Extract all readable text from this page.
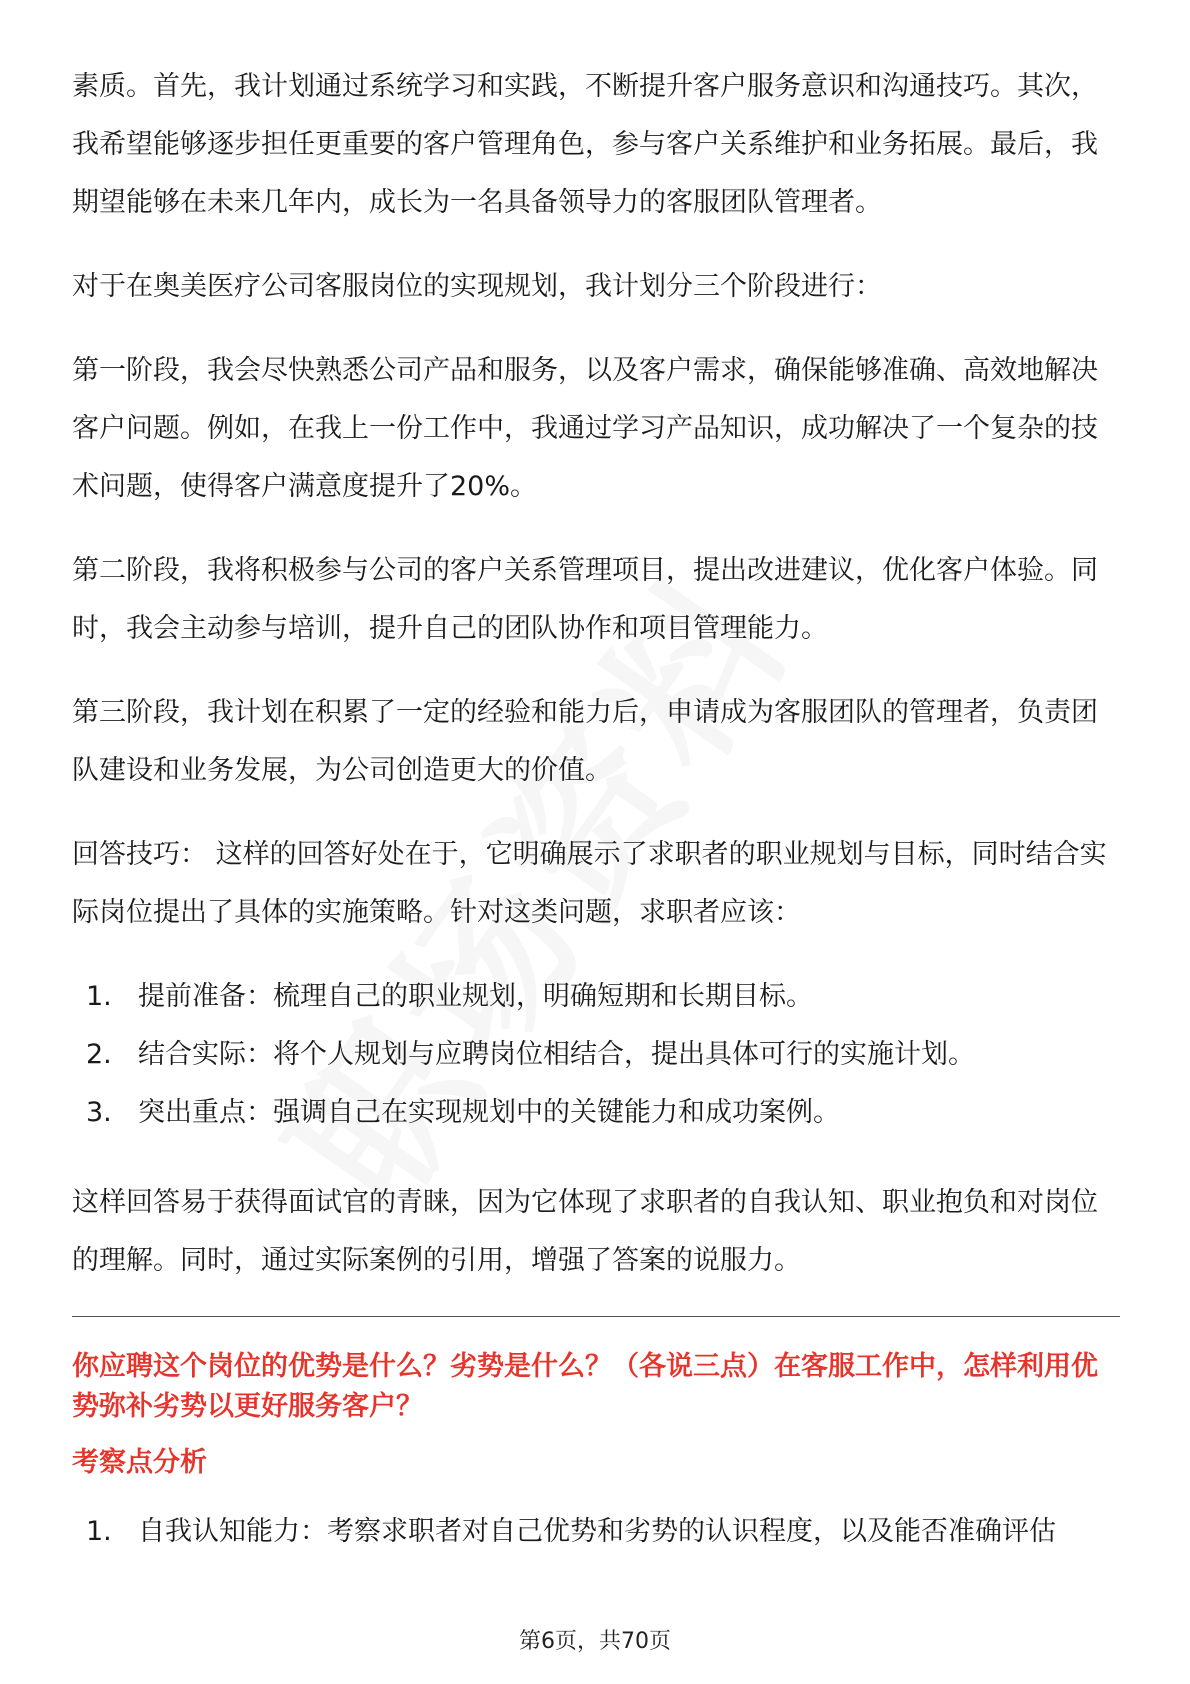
素质。首先，我计划通过系统学习和实践，不断提升客户服务意识和沟通技巧。其次，我希望能够逐步担任更重要的客户管理角色，参与客户关系维护和业务拓展。最后，我期望能够在未来几年内，成长为一名具备领导力的客服团队管理者。

对于在奥美医疗公司客服岗位的实现规划，我计划分三个阶段进行：

第一阶段，我会尽快熟悉公司产品和服务，以及客户需求，确保能够准确、高效地解决客户问题。例如，在我上一份工作中，我通过学习产品知识，成功解决了一个复杂的技术问题，使得客户满意度提升了20%。

第二阶段，我将积极参与公司的客户关系管理项目，提出改进建议，优化客户体验。同时，我会主动参与培训，提升自己的团队协作和项目管理能力。

第三阶段，我计划在积累了一定的经验和能力后，申请成为客服团队的管理者，负责团队建设和业务发展，为公司创造更大的价值。

回答技巧： 这样的回答好处在于，它明确展示了求职者的职业规划与目标，同时结合实际岗位提出了具体的实施策略。针对这类问题，求职者应该：

1. 提前准备：梳理自己的职业规划，明确短期和长期目标。
2. 结合实际：将个人规划与应聘岗位相结合，提出具体可行的实施计划。
3. 突出重点：强调自己在实现规划中的关键能力和成功案例。

这样回答易于获得面试官的青睐，因为它体现了求职者的自我认知、职业抱负和对岗位的理解。同时，通过实际案例的引用，增强了答案的说服力。

你应聘这个岗位的优势是什么？劣势是什么？（各说三点）在客服工作中，怎样利用优势弥补劣势以更好服务客户？
考察点分析
1. 自我认知能力：考察求职者对自己优势和劣势的认识程度，以及能否准确评估
第6页，共70页
